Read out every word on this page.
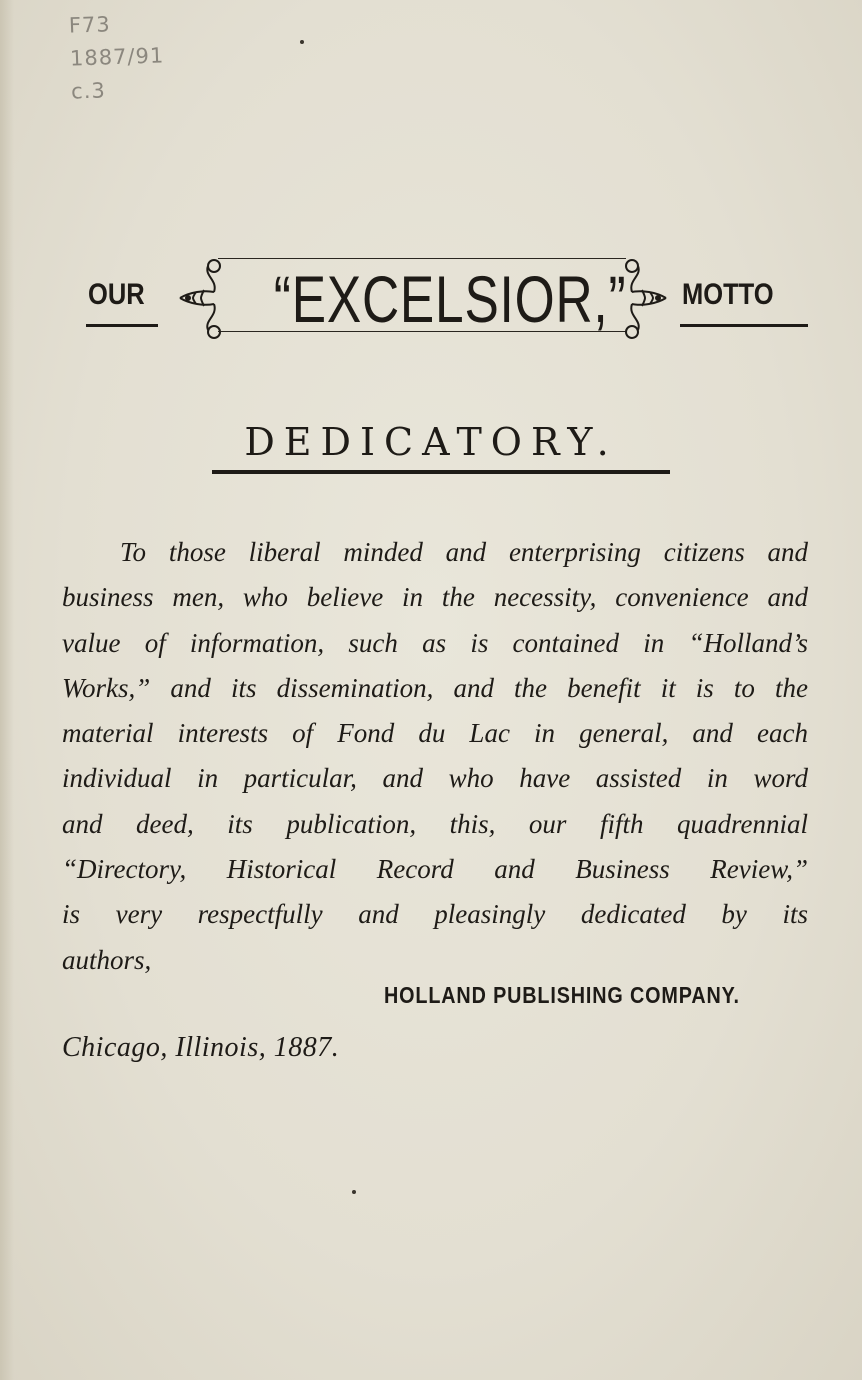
F73
1887/91
c.3
OUR “EXCELSIOR,” MOTTO
DEDICATORY.
To those liberal minded and enterprising citizens and
business men, who believe in the necessity, convenience and
value of information, such as is contained in “Holland’s
Works,” and its dissemination, and the benefit it is to the
material interests of Fond du Lac in general, and each
individual in particular, and who have assisted in word
and deed, its publication, this, our fifth quadrennial
“Directory, Historical Record and Business Review,”
is very respectfully and pleasingly dedicated by its
authors,
HOLLAND PUBLISHING COMPANY.
Chicago, Illinois, 1887.
